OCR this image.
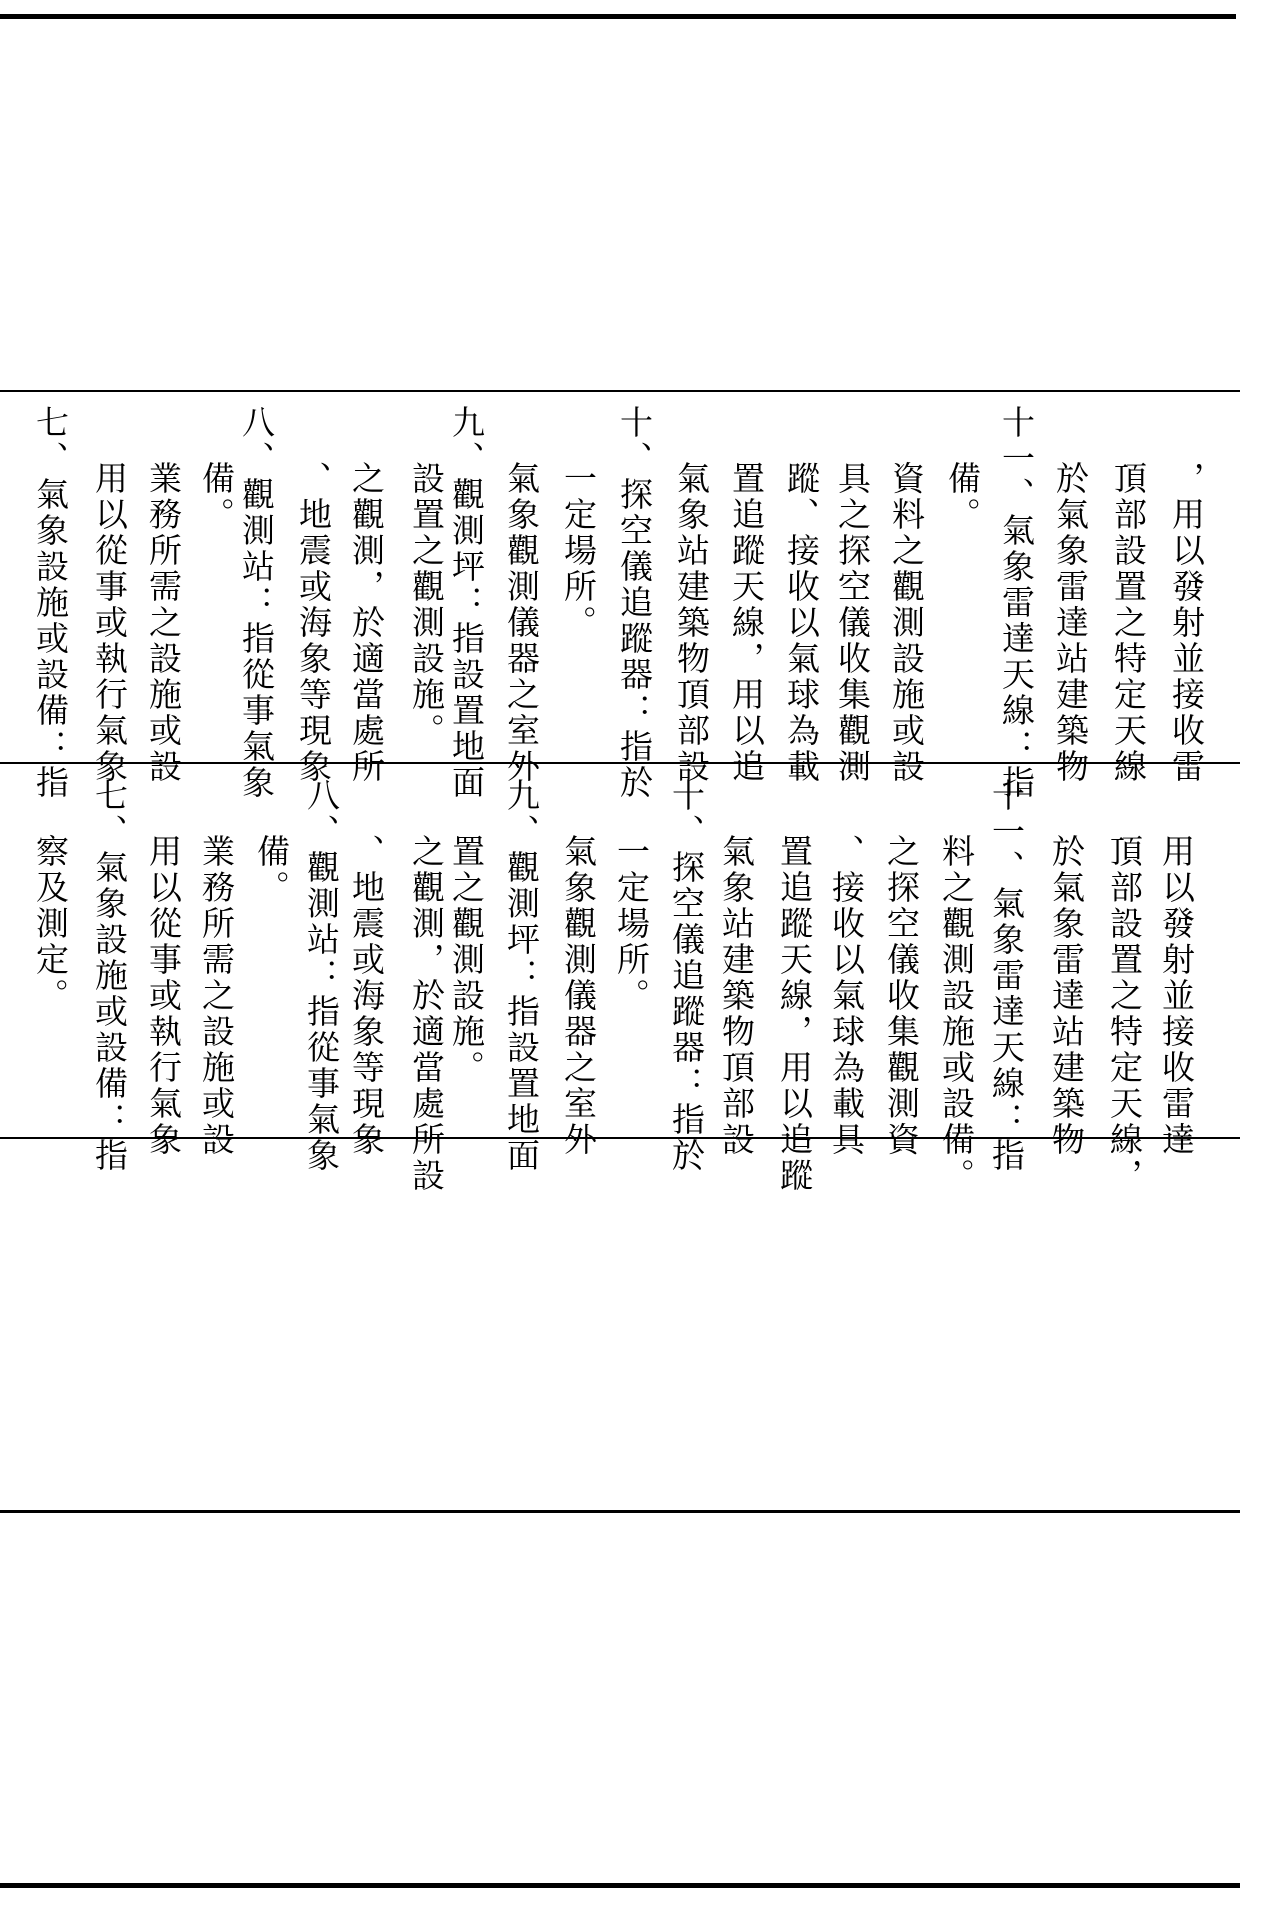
七、氣象設施或設備：指 用以從事或執行氣象 業務所需之設施或設 備。 八、觀測站：指從事氣象 、地震或海象等現象 之觀測，於適當處所 設置之觀測設施。 九、觀測坪：指設置地面 氣象觀測儀器之室外 一定場所。 十、探空儀追蹤器：指於 氣象站建築物頂部設 置追蹤天線，用以追 蹤、接收以氣球為載 具之探空儀收集觀測 資料之觀測設施或設 備。 十一、氣象雷達天線：指 於氣象雷達站建築物 頂部設置之特定天線 ，用以發射並接收雷
察及測定。 七、氣象設施或設備：指 用以從事或執行氣象 業務所需之設施或設 備。 八、觀測站：指從事氣象 、地震或海象等現象 之觀測，於適當處所設 置之觀測設施。 九、觀測坪：指設置地面 氣象觀測儀器之室外 一定場所。 十、探空儀追蹤器：指於 氣象站建築物頂部設 置追蹤天線，用以追蹤 、接收以氣球為載具 之探空儀收集觀測資 料之觀測設施或設備。 十一、氣象雷達天線：指 於氣象雷達站建築物 頂部設置之特定天線， 用以發射並接收雷達
